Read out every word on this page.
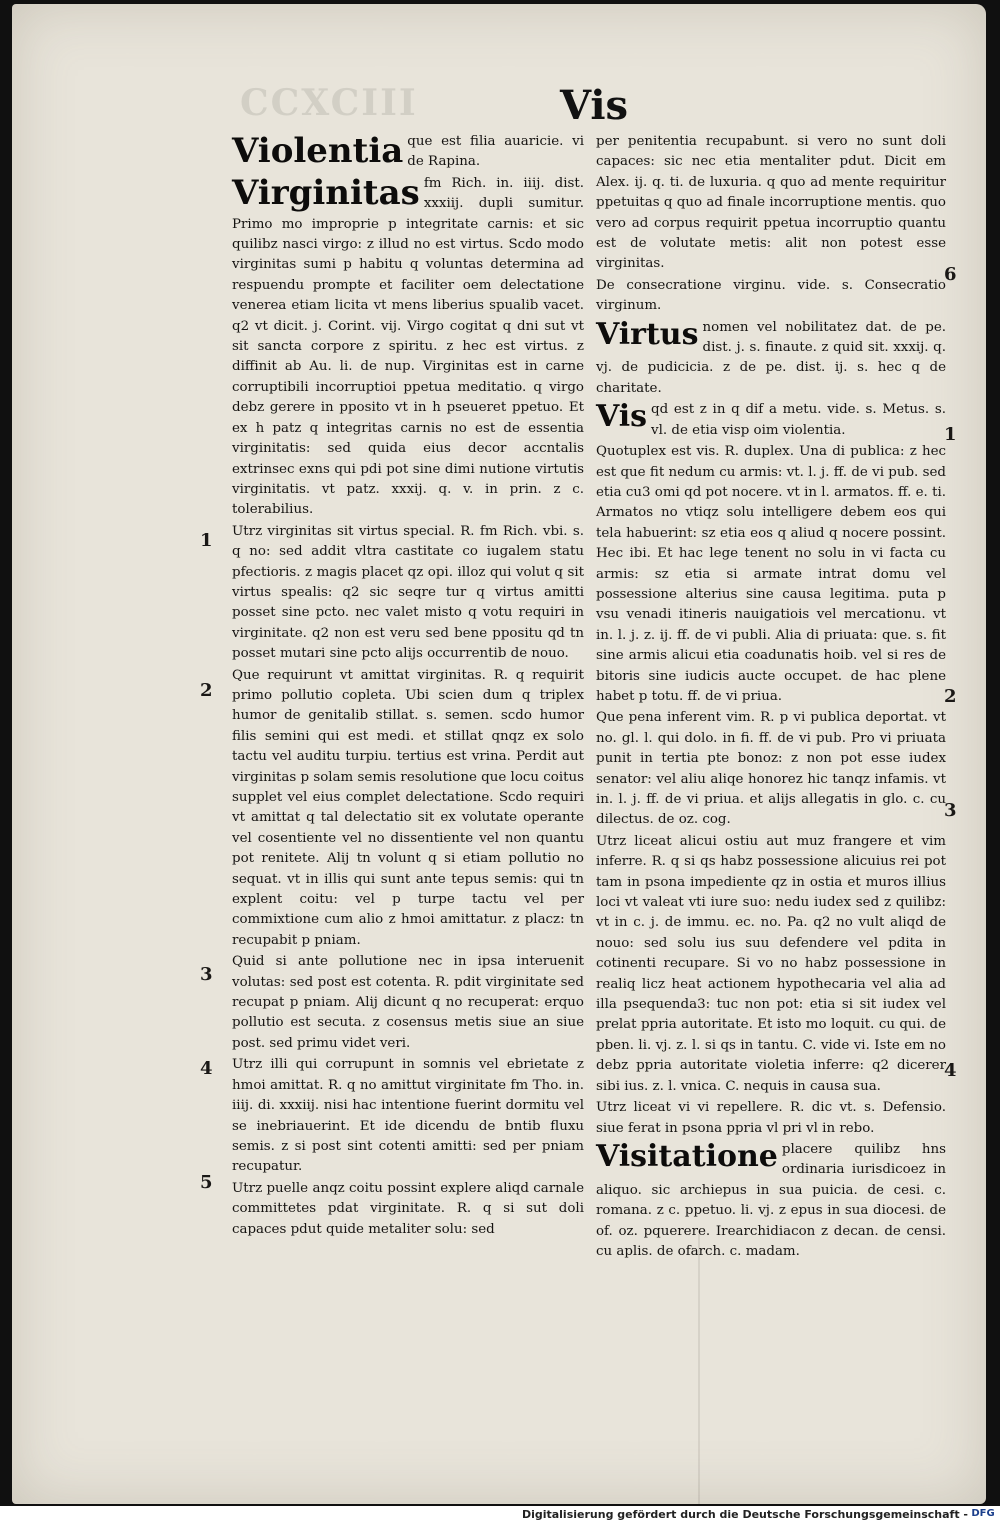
CCXCIII	Vis

Violentia que est filia auaricie. vi de Rapina.

Virginitas fm Rich. in. iiij. dist. xxxiij. dupli sumitur. Primo mo improprie p integritate carnis: et sic quilibz nasci virgo: z illud no est virtus. Scdo modo virginitas sumi p habitu q voluntas determina ad respuendu prompte et faciliter oem delectatione venerea etiam licita vt mens liberius spualib vacet. q2 vt dicit. j. Corint. vij. Virgo cogitat q dni sut vt sit sancta corpore z spiritu. z hec est virtus. z diffinit ab Au. li. de nup. Virginitas est in carne corruptibili incorruptioi ppetua meditatio. q virgo debz gerere in pposito vt in h pseueret ppetuo. Et ex h patz q integritas carnis no est de essentia virginitatis: sed quida eius decor accntalis extrinsec exns qui pdi pot sine dimi nutione virtutis virginitatis. vt patz. xxxij. q. v. in prin. z c. tolerabilius.

Utrz virginitas sit virtus special. R. fm Rich. vbi. s. q no: sed addit vltra castitate co iugalem statu pfectioris. z magis placet qz opi. illoz qui volut q sit virtus spealis: q2 sic seqre tur q virtus amitti posset sine pcto. nec valet misto q votu requiri in virginitate. q2 non est veru sed bene ppositu qd tn posset mutari sine pcto alijs occurrentib de nouo.

Que requirunt vt amittat virginitas. R. q requirit primo pollutio copleta. Ubi scien dum q triplex humor de genitalib stillat. s. semen. scdo humor filis semini qui est medi. et stillat qnqz ex solo tactu vel auditu turpiu. tertius est vrina. Perdit aut virginitas p solam semis resolutione que locu coitus supplet vel eius complet delectatione. Scdo requiri vt amittat q tal delectatio sit ex volutate operante vel cosentiente vel no dissentiente vel non quantu pot renitete. Alij tn volunt q si etiam pollutio no sequat. vt in illis qui sunt ante tepus semis: qui tn explent coitu: vel p turpe tactu vel per commixtione cum alio z hmoi amittatur. z placz: tn recupabit p pniam.

Quid si ante pollutione nec in ipsa interuenit volutas: sed post est cotenta. R. pdit virginitate sed recupat p pniam. Alij dicunt q no recuperat: erquo pollutio est secuta. z cosensus metis siue an siue post. sed primu videt veri.

Utrz illi qui corrupunt in somnis vel ebrietate z hmoi amittat. R. q no amittut virginitate fm Tho. in. iiij. di. xxxiij. nisi hac intentione fuerint dormitu vel se inebriauerint. Et ide dicendu de bntib fluxu semis. z si post sint cotenti amitti: sed per pniam recupatur.

Utrz puelle anqz coitu possint explere aliqd carnale committetes pdat virginitate. R. q si sut doli capaces pdut quide metaliter solu: sed

per penitentia recupabunt. si vero no sunt doli capaces: sic nec etia mentaliter pdut. Dicit em Alex. ij. q. ti. de luxuria. q quo ad mente requiritur ppetuitas q quo ad finale incorruptione mentis. quo vero ad corpus requirit ppetua incorruptio quantu est de volutate metis: alit non potest esse virginitas.

De consecratione virginu. vide. s. Consecratio virginum.

Virtus nomen vel nobilitatez dat. de pe. dist. j. s. finaute. z quid sit. xxxij. q. vj. de pudicicia. z de pe. dist. ij. s. hec q de charitate.

Vis qd est z in q dif a metu. vide. s. Metus. s. vl. de etia visp oim violentia.

Quotuplex est vis. R. duplex. Una di publica: z hec est que fit nedum cu armis: vt. l. j. ff. de vi pub. sed etia cu3 omi qd pot nocere. vt in l. armatos. ff. e. ti. Armatos no vtiqz solu intelligere debem eos qui tela habuerint: sz etia eos q aliud q nocere possint. Hec ibi. Et hac lege tenent no solu in vi facta cu armis: sz etia si armate intrat domu vel possessione alterius sine causa legitima. puta p vsu venadi itineris nauigatiois vel mercationu. vt in. l. j. z. ij. ff. de vi publi. Alia di priuata: que. s. fit sine armis alicui etia coadunatis hoib. vel si res de bitoris sine iudicis aucte occupet. de hac plene habet p totu. ff. de vi priua.

Que pena inferent vim. R. p vi publica deportat. vt no. gl. l. qui dolo. in fi. ff. de vi pub. Pro vi priuata punit in tertia pte bonoz: z non pot esse iudex senator: vel aliu aliqe honorez hic tanqz infamis. vt in. l. j. ff. de vi priua. et alijs allegatis in glo. c. cu dilectus. de oz. cog.

Utrz liceat alicui ostiu aut muz frangere et vim inferre. R. q si qs habz possessione alicuius rei pot tam in psona impediente qz in ostia et muros illius loci vt valeat vti iure suo: nedu iudex sed z quilibz: vt in c. j. de immu. ec. no. Pa. q2 no vult aliqd de nouo: sed solu ius suu defendere vel pdita in cotinenti recupare. Si vo no habz possessione in realiq licz heat actionem hypothecaria vel alia ad illa psequenda3: tuc non pot: etia si sit iudex vel prelat ppria autoritate. Et isto mo loquit. cu qui. de pben. li. vj. z. l. si qs in tantu. C. vide vi. Iste em no debz ppria autoritate violetia inferre: q2 dicerer sibi ius. z. l. vnica. C. nequis in causa sua.

Utrz liceat vi vi repellere. R. dic vt. s. Defensio. siue ferat in psona ppria vl pri vl in rebo.

Visitatione placere quilibz hns ordinaria iurisdicoez in aliquo. sic archiepus in sua puicia. de cesi. c. romana. z c. ppetuo. li. vj. z epus in sua diocesi. de of. oz. pquerere. Irearchidiacon z decan. de censi. cu aplis. de ofarch. c. madam.

1
2
3
4
5
6
1
2
3
4
Digitalisierung gefördert durch die Deutsche Forschungsgemeinschaft - DFG
